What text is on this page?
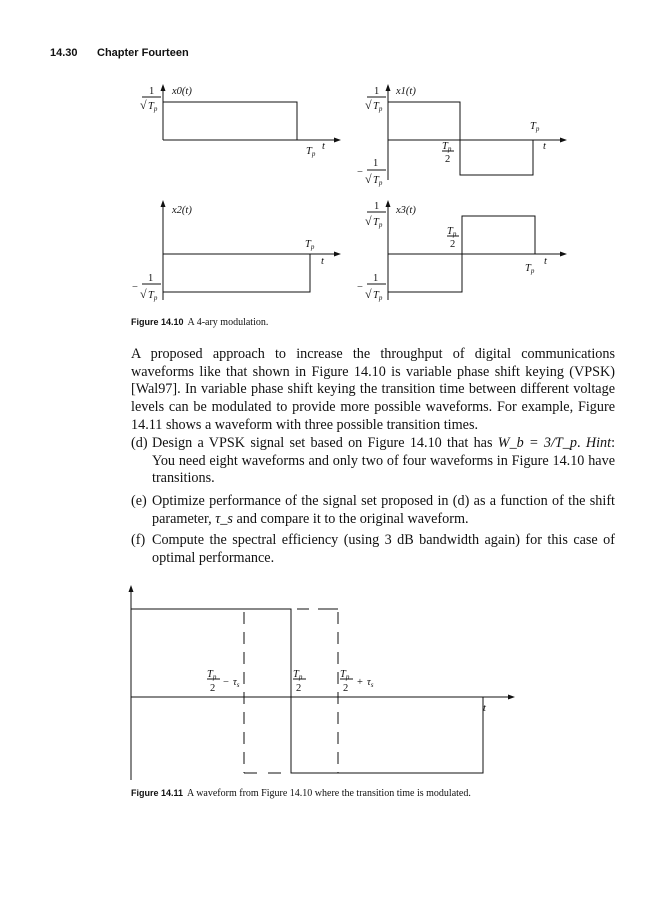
14.30 Chapter Fourteen
1
√ Tp
x0(t)
Tp
t
1
√ Tp
x1(t)
−
1
√ Tp
Tp
2
Tp
t
x2(t)
Tp
t
−
1
√ Tp
1
√ Tp
x3(t)
Tp
2
Tp
t
−
1
√ Tp
Figure 14.10 A 4-ary modulation.

A proposed approach to increase the throughput of digital communications waveforms like that shown in Figure 14.10 is variable phase shift keying (VPSK) [Wal97]. In variable phase shift keying the transition time between different voltage levels can be modulated to provide more possible waveforms. For example, Figure 14.11 shows a waveform with three possible transition times.

(d) Design a VPSK signal set based on Figure 14.10 that has W_b = 3/T_p. Hint: You need eight waveforms and only two of four waveforms in Figure 14.10 have transitions.
(e) Optimize performance of the signal set proposed in (d) as a function of the shift parameter, τ_s and compare it to the original waveform.
(f) Compute the spectral efficiency (using 3 dB bandwidth again) for this case of optimal performance.
Tp
2
− τs
Tp
2
Tp
2
+ τs
t
Figure 14.11 A waveform from Figure 14.10 where the transition time is modulated.
